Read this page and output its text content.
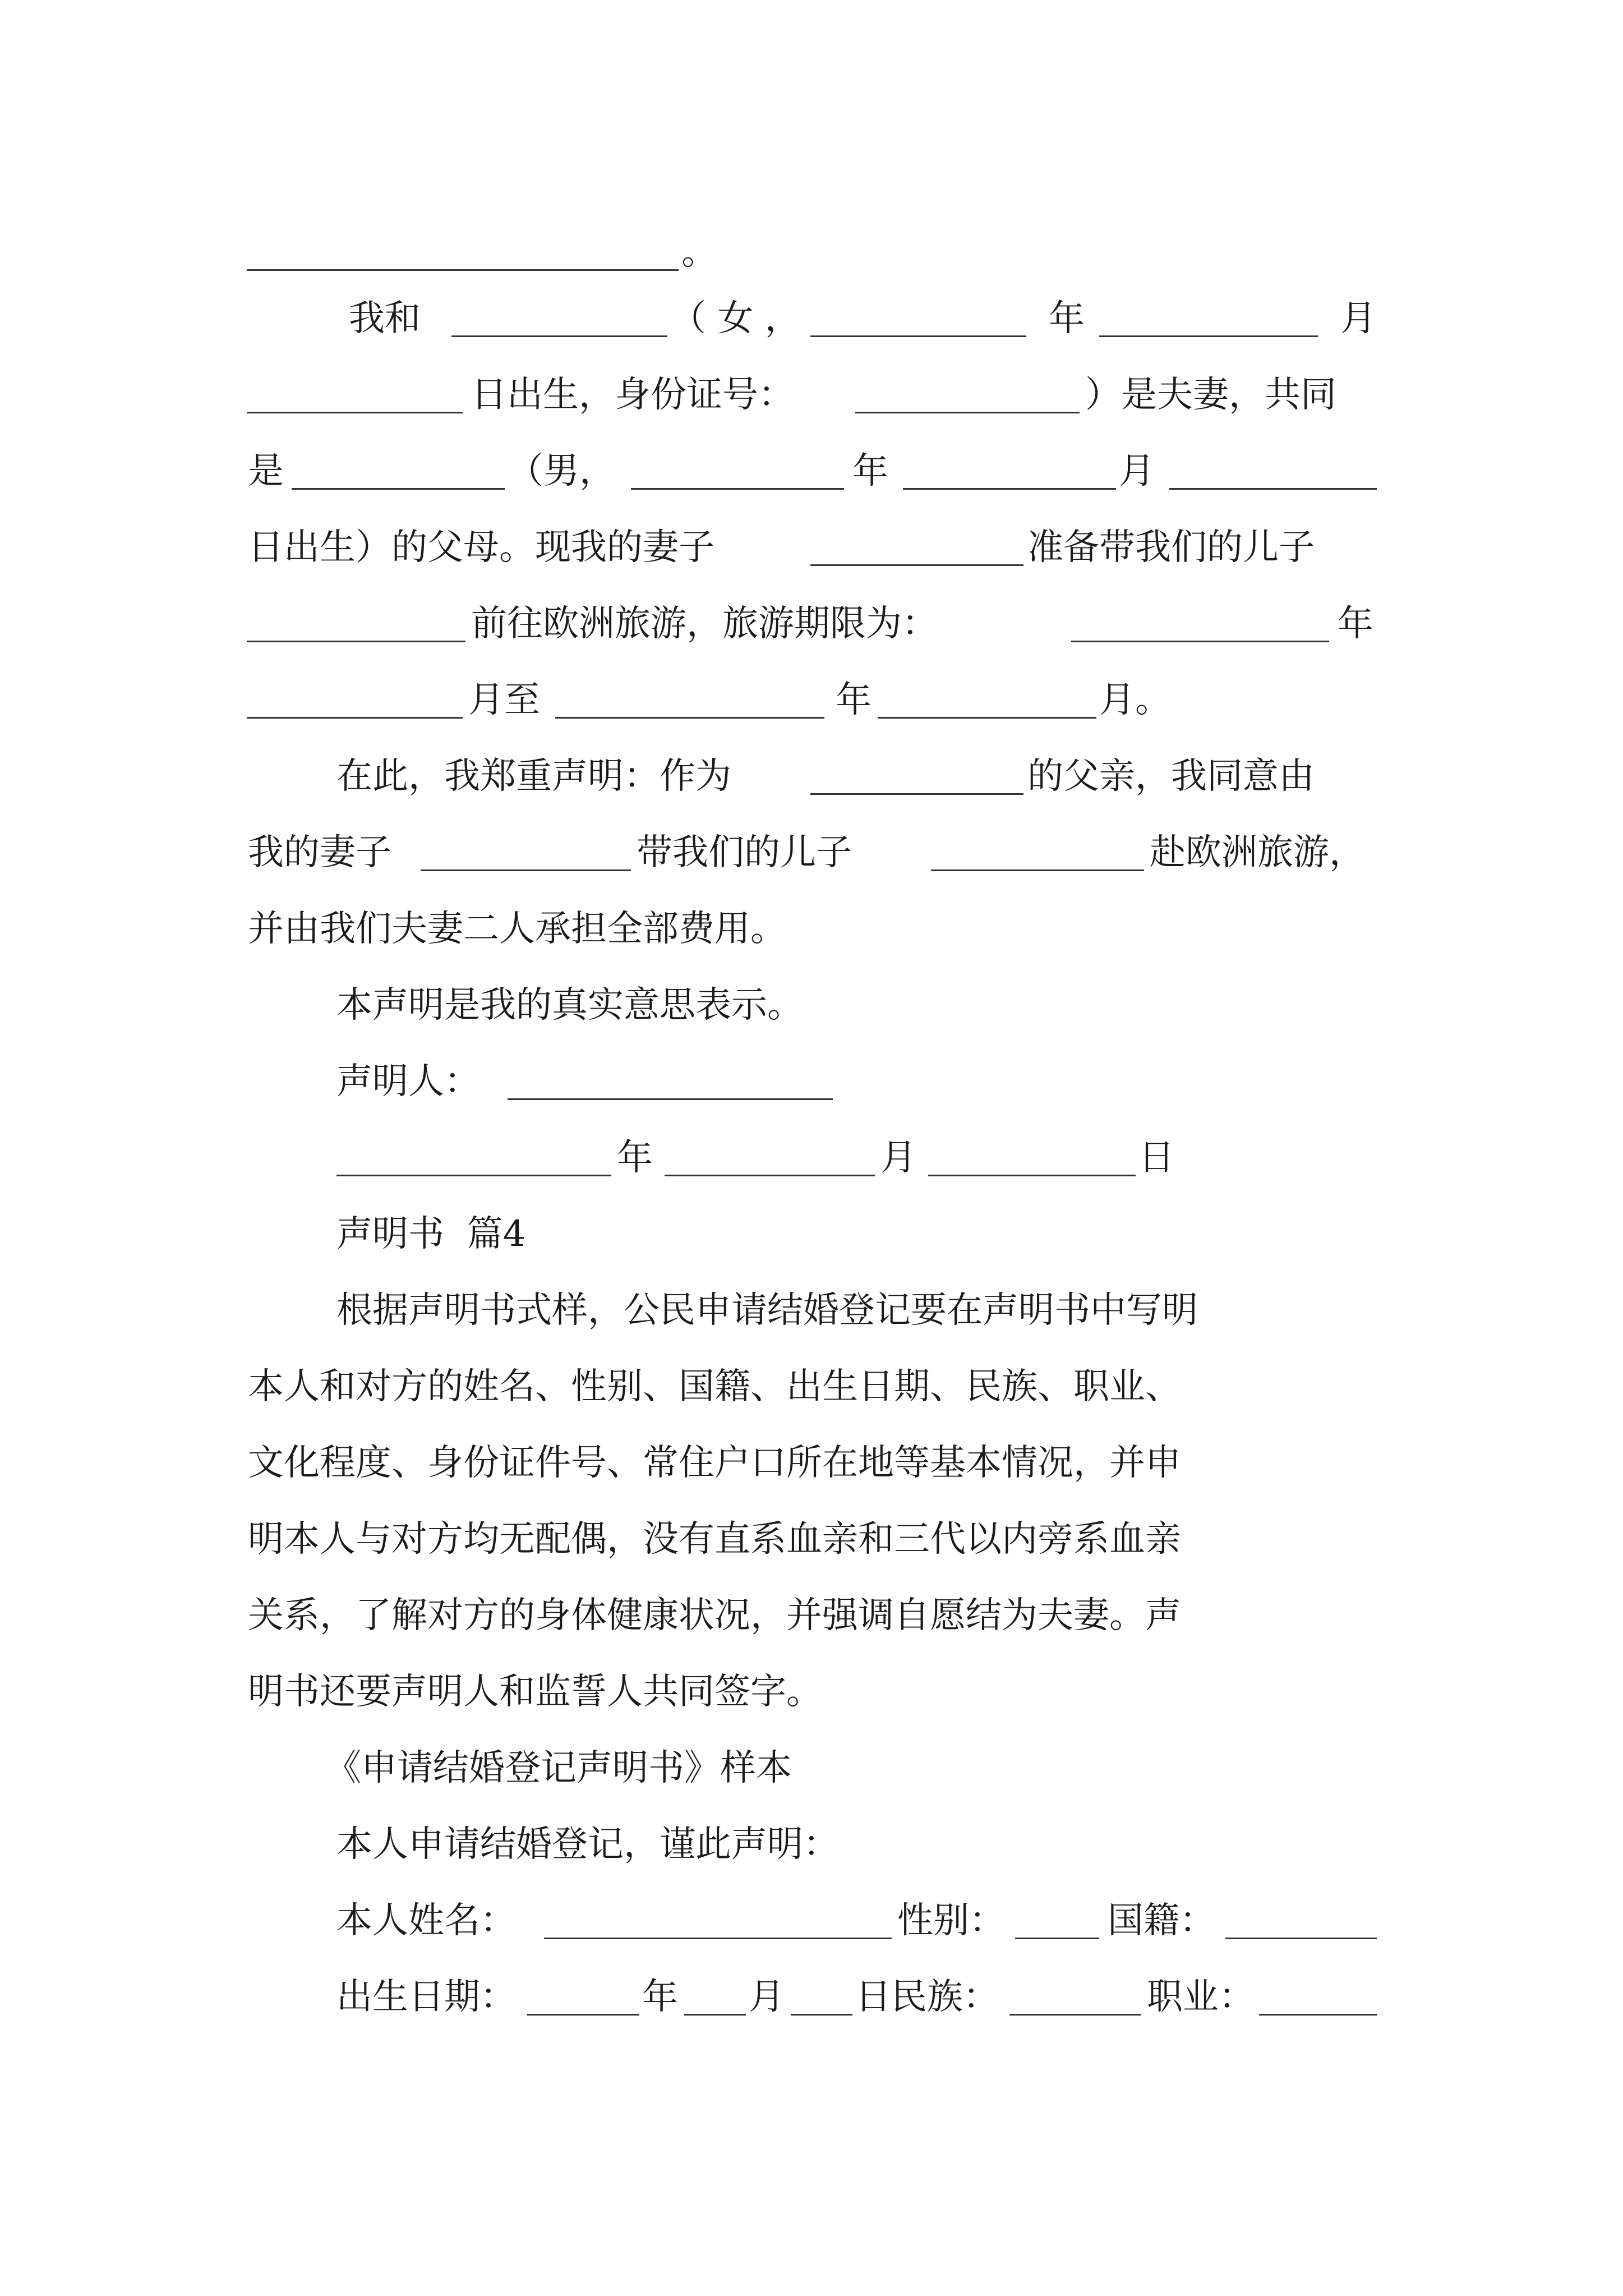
。
我和	（ 女 ，	年	月
日出生，身份证号：	）是夫妻，共同
是	（男，	年	月
日出生）的父母。现我的妻子	准备带我们的儿子
前往欧洲旅游，旅游期限为：	年
月至	年	月。
在此，我郑重声明：作为	的父亲，我同意由
我的妻子	带我们的儿子	赴欧洲旅游，
并由我们夫妻二人承担全部费用。
本声明是我的真实意思表示。
声明人：
年	月	日
声明书  篇4
根据声明书式样，公民申请结婚登记要在声明书中写明
本人和对方的姓名、性别、国籍、出生日期、民族、职业、
文化程度、身份证件号、常住户口所在地等基本情况，并申
明本人与对方均无配偶，没有直系血亲和三代以内旁系血亲
关系，了解对方的身体健康状况，并强调自愿结为夫妻。声
明书还要声明人和监誓人共同签字。
《申请结婚登记声明书》样本
本人申请结婚登记，谨此声明：
本人姓名：	性别：	国籍：
出生日期：	年 月 日民族：	职业：
